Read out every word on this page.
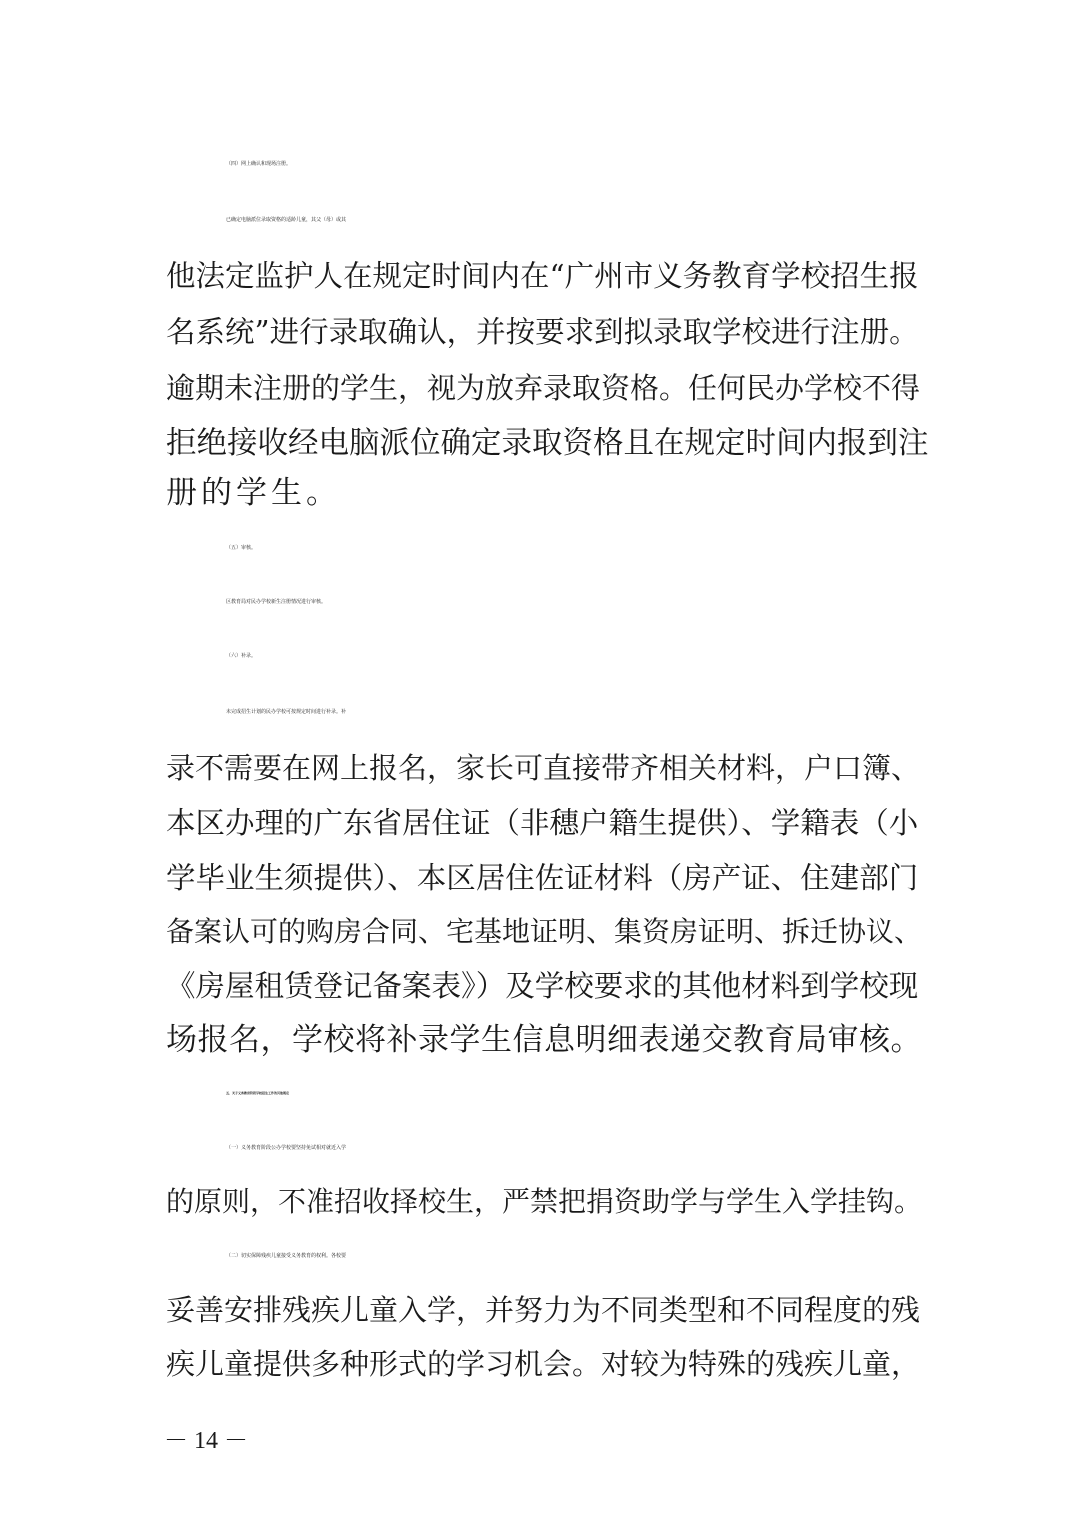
（四）网上确认和现场注册。
已确定电脑派位录取资格的适龄儿童，其父（母）或其
他法定监护人在规定时间内在“广州市义务教育学校招生报
名系统”进行录取确认，并按要求到拟录取学校进行注册。
逾期未注册的学生，视为放弃录取资格。任何民办学校不得
拒绝接收经电脑派位确定录取资格且在规定时间内报到注
册的学生。
（五）审核。
区教育局对民办学校新生注册情况进行审核。
（六）补录。
未完成招生计划的民办学校可按规定时间进行补录。补
录不需要在网上报名，家长可直接带齐相关材料，户口簿、
本区办理的广东省居住证（非穗户籍生提供）、学籍表（小
学毕业生须提供）、本区居住佐证材料（房产证、住建部门
备案认可的购房合同、宅基地证明、集资房证明、拆迁协议、
《房屋租赁登记备案表》）及学校要求的其他材料到学校现
场报名，学校将补录学生信息明细表递交教育局审核。
五、关于义务教育阶段学校招生工作的其他规定
（一）义务教育阶段公办学校要坚持免试相对就近入学
的原则，不准招收择校生，严禁把捐资助学与学生入学挂钩。
（二）切实保障残疾儿童接受义务教育的权利。各校要
妥善安排残疾儿童入学，并努力为不同类型和不同程度的残
疾儿童提供多种形式的学习机会。对较为特殊的残疾儿童，
－ 14 －
